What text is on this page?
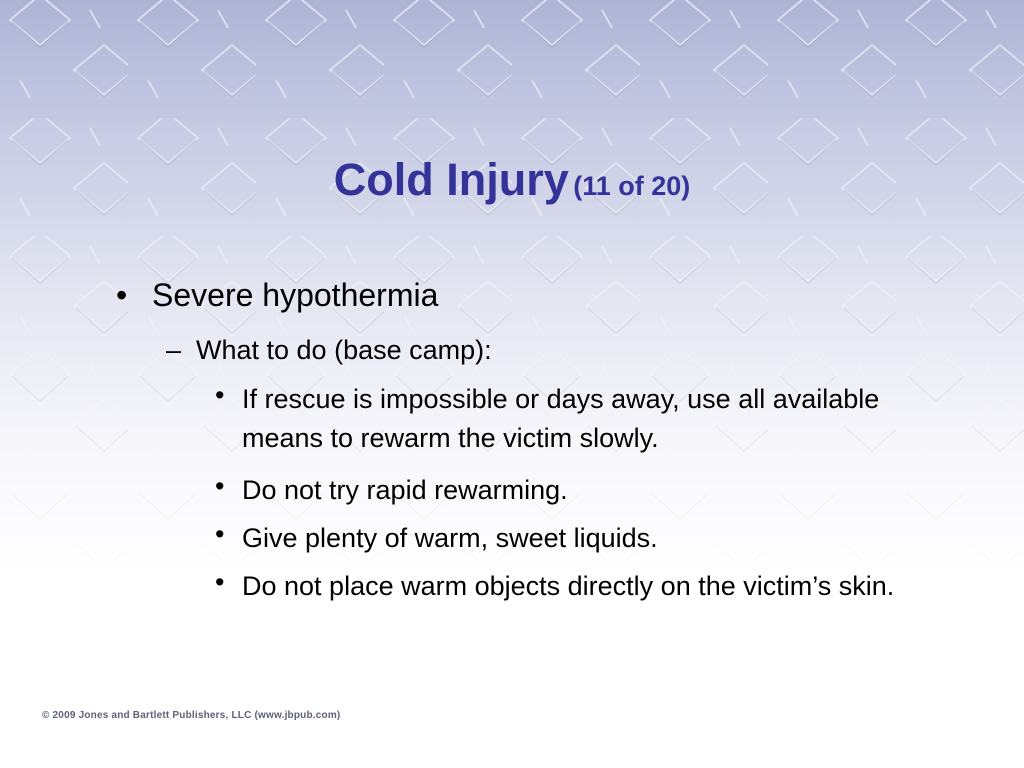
Cold Injury (11 of 20)
• Severe hypothermia
– What to do (base camp):
• If rescue is impossible or days away, use all available means to rewarm the victim slowly.
• Do not try rapid rewarming.
• Give plenty of warm, sweet liquids.
• Do not place warm objects directly on the victim’s skin.
© 2009 Jones and Bartlett Publishers, LLC (www.jbpub.com)
